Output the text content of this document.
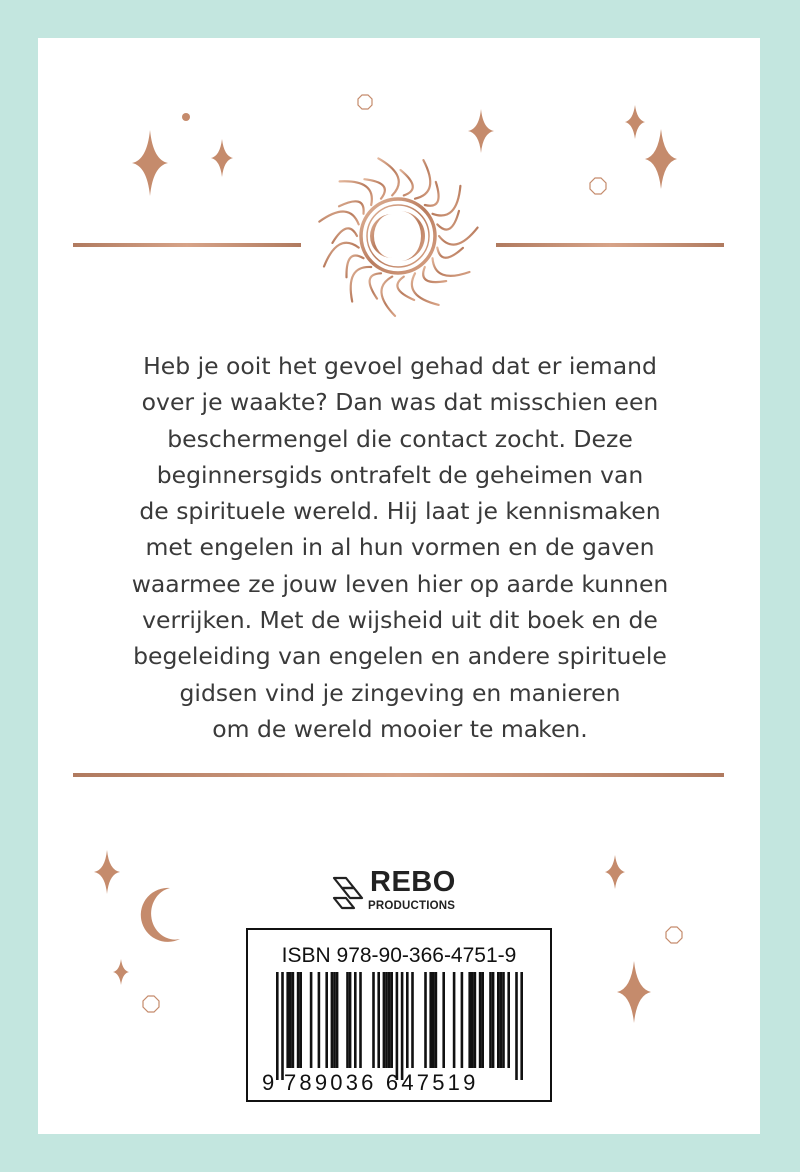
Heb je ooit het gevoel gehad dat er iemand
over je waakte? Dan was dat misschien een
beschermengel die contact zocht. Deze
beginnersgids ontrafelt de geheimen van
de spirituele wereld. Hij laat je kennismaken
met engelen in al hun vormen en de gaven
waarmee ze jouw leven hier op aarde kunnen
verrijken. Met de wijsheid uit dit boek en de
begeleiding van engelen en andere spirituele
gidsen vind je zingeving en manieren
om de wereld mooier te maken.
REBO
PRODUCTIONS
ISBN 978-90-366-4751-9
9 789036 647519
